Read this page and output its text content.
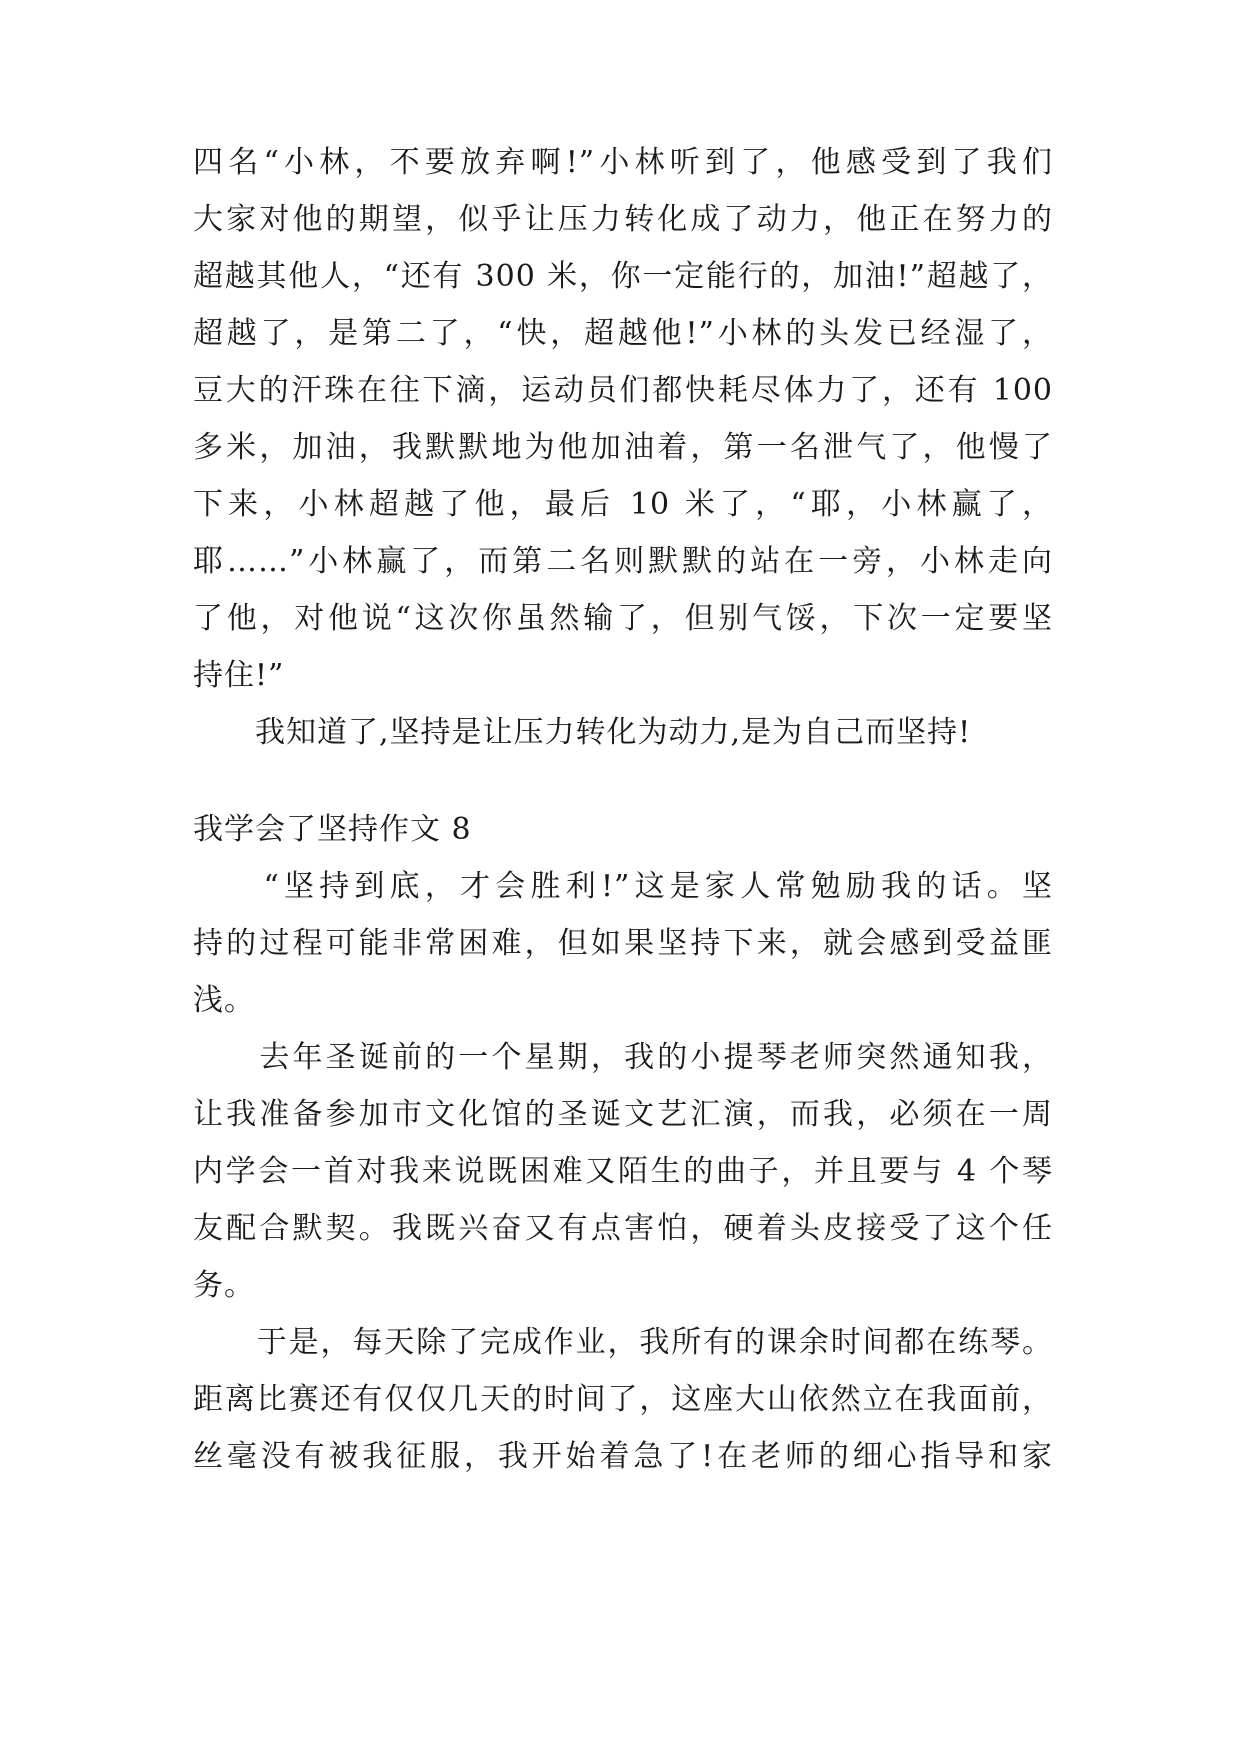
四名“小林，不要放弃啊!”小林听到了，他感受到了我们
大家对他的期望，似乎让压力转化成了动力，他正在努力的
超越其他人，“还有 300 米，你一定能行的，加油!”超越了，
超越了，是第二了，“快，超越他!”小林的头发已经湿了，
豆大的汗珠在往下滴，运动员们都快耗尽体力了，还有 100
多米，加油，我默默地为他加油着，第一名泄气了，他慢了
下来，小林超越了他，最后 10 米了，“耶，小林赢了，
耶……”小林赢了，而第二名则默默的站在一旁，小林走向
了他，对他说“这次你虽然输了，但别气馁，下次一定要坚
持住!”
　　我知道了,坚持是让压力转化为动力,是为自己而坚持!
我学会了坚持作文 8
　　“坚持到底，才会胜利!”这是家人常勉励我的话。坚
持的过程可能非常困难，但如果坚持下来，就会感到受益匪
浅。
　　去年圣诞前的一个星期，我的小提琴老师突然通知我，
让我准备参加市文化馆的圣诞文艺汇演，而我，必须在一周
内学会一首对我来说既困难又陌生的曲子，并且要与 4 个琴
友配合默契。我既兴奋又有点害怕，硬着头皮接受了这个任
务。
　　于是，每天除了完成作业，我所有的课余时间都在练琴。
距离比赛还有仅仅几天的时间了，这座大山依然立在我面前，
丝毫没有被我征服，我开始着急了!在老师的细心指导和家
